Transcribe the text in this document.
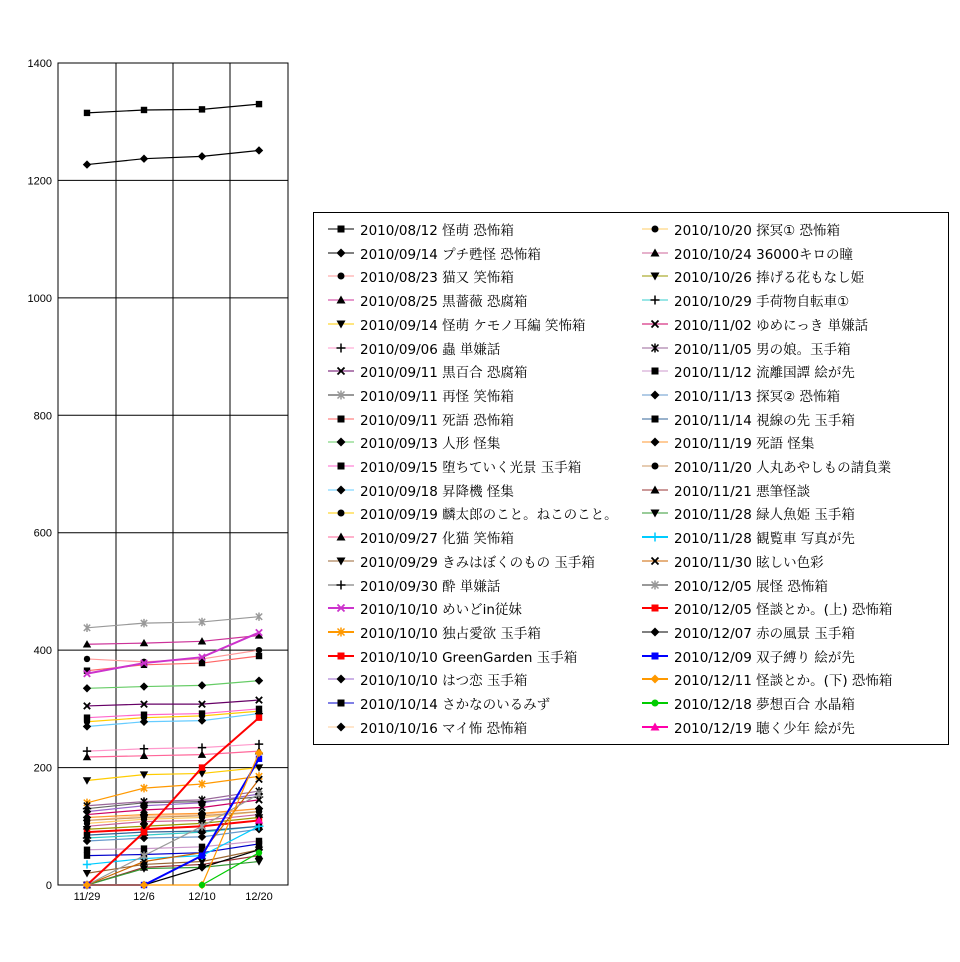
0
200
400
600
800
1000
1200
1400
11/29	12/6	12/10	12/20
2010/08/12 怪萌 恐怖箱
2010/09/14 プチ甦怪 恐怖箱
2010/08/23 猫又 笑怖箱
2010/08/25 黒薔薇 恐腐箱
2010/09/14 怪萌 ケモノ耳編 笑怖箱
2010/09/06 蟲 単嫌話
2010/09/11 黒百合 恐腐箱
2010/09/11 再怪 笑怖箱
2010/09/11 死語 恐怖箱
2010/09/13 人形 怪集
2010/09/15 堕ちていく光景 玉手箱
2010/09/18 昇降機 怪集
2010/09/19 麟太郎のこと。ねこのこと。
2010/09/27 化猫 笑怖箱
2010/09/29 きみはぼくのもの 玉手箱
2010/09/30 酔 単嫌話
2010/10/10 めいどin従妹
2010/10/10 独占愛欲 玉手箱
2010/10/10 GreenGarden 玉手箱
2010/10/10 はつ恋 玉手箱
2010/10/14 さかなのいるみず
2010/10/16 マイ怖 恐怖箱
2010/10/20 探冥① 恐怖箱
2010/10/24 36000キロの瞳
2010/10/26 捧げる花もなし姫
2010/10/29 手荷物自転車①
2010/11/02 ゆめにっき 単嫌話
2010/11/05 男の娘。玉手箱
2010/11/12 流離国譚 絵が先
2010/11/13 探冥② 恐怖箱
2010/11/14 視線の先 玉手箱
2010/11/19 死語 怪集
2010/11/20 人丸あやしもの請負業
2010/11/21 悪筆怪談
2010/11/28 緑人魚姫 玉手箱
2010/11/28 観覧車 写真が先
2010/11/30 眩しい色彩
2010/12/05 展怪 恐怖箱
2010/12/05 怪談とか。(上) 恐怖箱
2010/12/07 赤の風景 玉手箱
2010/12/09 双子縛り 絵が先
2010/12/11 怪談とか。(下) 恐怖箱
2010/12/18 夢想百合 水晶箱
2010/12/19 聴く少年 絵が先
